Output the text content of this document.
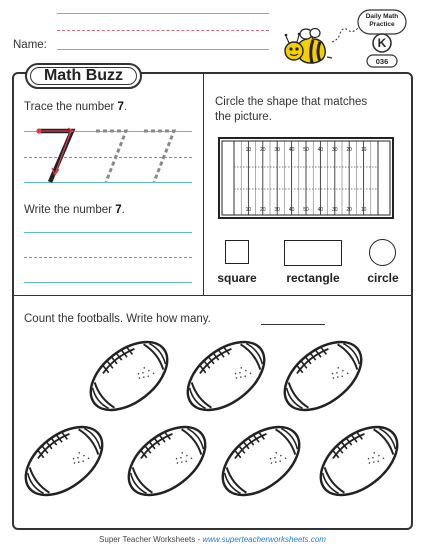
Name:
Daily Math
Practice
K
036
Math Buzz
Trace the number 7.
Write the number 7.
Circle the shape that matches
the picture.
10 20 30 40 50 40 30 20 10
10 20 30 40 50 40 30 20 10
square	rectangle	circle
Count the footballs. Write how many.
Super Teacher Worksheets - www.superteacherworksheets.com
